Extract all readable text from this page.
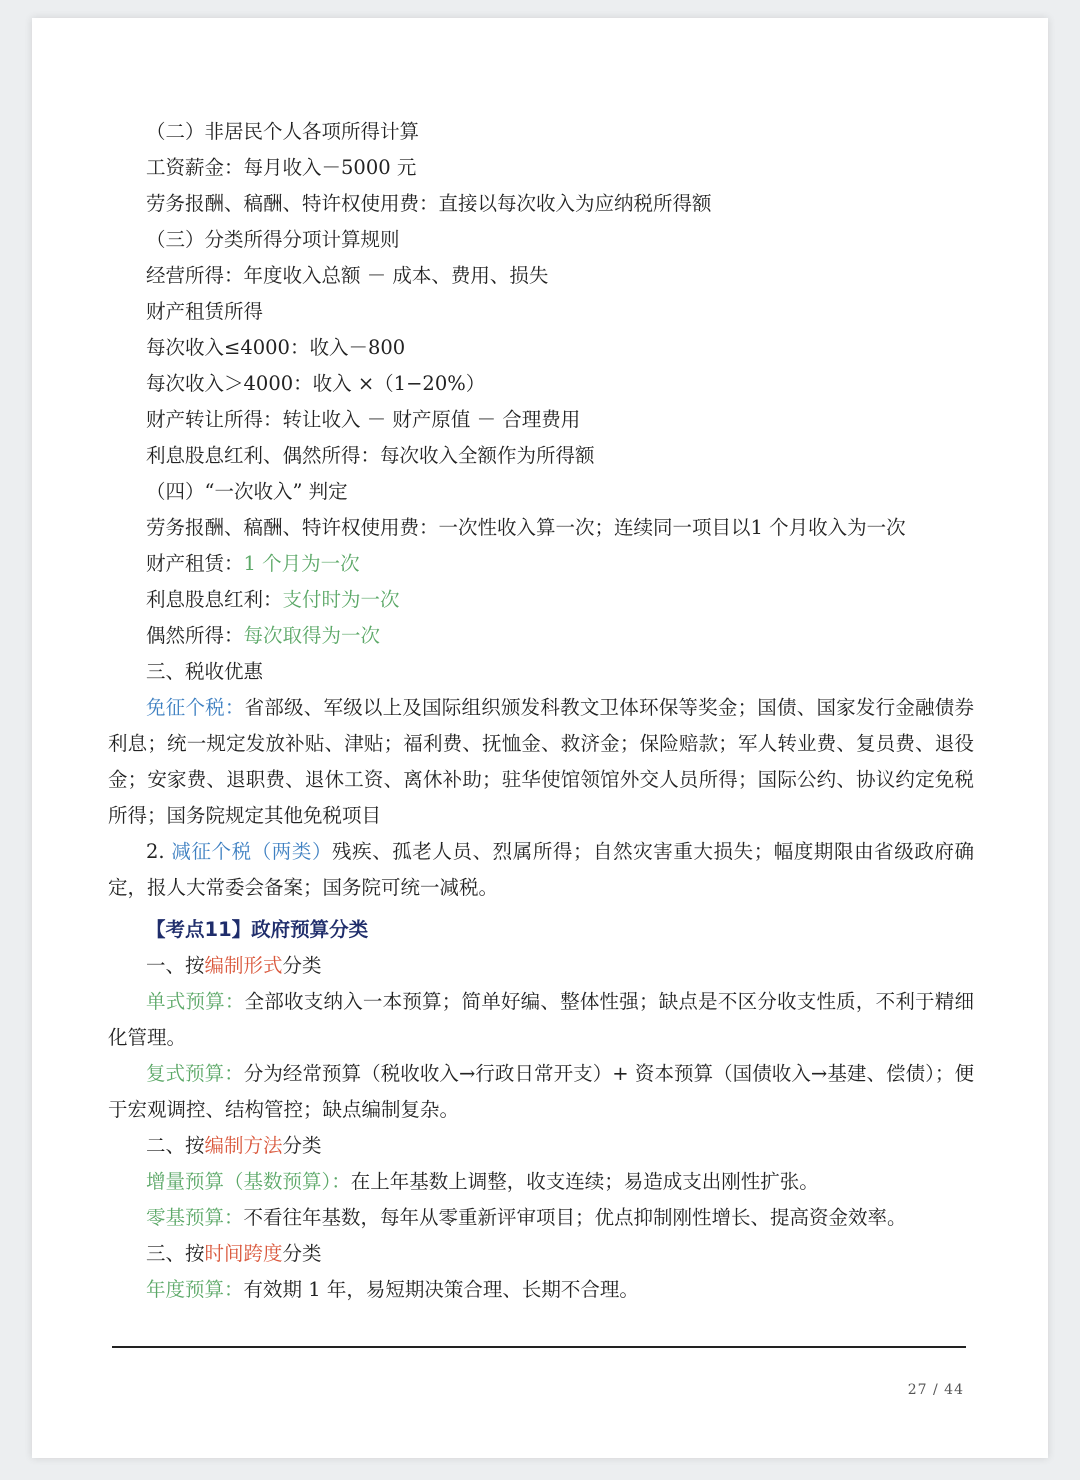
（二）非居民个人各项所得计算
工资薪金：每月收入－5000 元
劳务报酬、稿酬、特许权使用费：直接以每次收入为应纳税所得额
（三）分类所得分项计算规则
经营所得：年度收入总额 － 成本、费用、损失
财产租赁所得
每次收入≤4000：收入－800
每次收入＞4000：收入 ×（1−20%）
财产转让所得：转让收入 － 财产原值 － 合理费用
利息股息红利、偶然所得：每次收入全额作为所得额
（四）“一次收入” 判定
劳务报酬、稿酬、特许权使用费：一次性收入算一次；连续同一项目以1 个月收入为一次
财产租赁：1 个月为一次
利息股息红利：支付时为一次
偶然所得：每次取得为一次
三、税收优惠
免征个税：省部级、军级以上及国际组织颁发科教文卫体环保等奖金；国债、国家发行金融债券利息；统一规定发放补贴、津贴；福利费、抚恤金、救济金；保险赔款；军人转业费、复员费、退役金；安家费、退职费、退休工资、离休补助；驻华使馆领馆外交人员所得；国际公约、协议约定免税所得；国务院规定其他免税项目
2. 减征个税（两类）残疾、孤老人员、烈属所得；自然灾害重大损失；幅度期限由省级政府确定，报人大常委会备案；国务院可统一减税。
【考点11】政府预算分类
一、按编制形式分类
单式预算：全部收支纳入一本预算；简单好编、整体性强；缺点是不区分收支性质，不利于精细化管理。
复式预算：分为经常预算（税收收入→行政日常开支）+ 资本预算（国债收入→基建、偿债）；便于宏观调控、结构管控；缺点编制复杂。
二、按编制方法分类
增量预算（基数预算）：在上年基数上调整，收支连续；易造成支出刚性扩张。
零基预算：不看往年基数，每年从零重新评审项目；优点抑制刚性增长、提高资金效率。
三、按时间跨度分类
年度预算：有效期 1 年，易短期决策合理、长期不合理。
27 / 44
